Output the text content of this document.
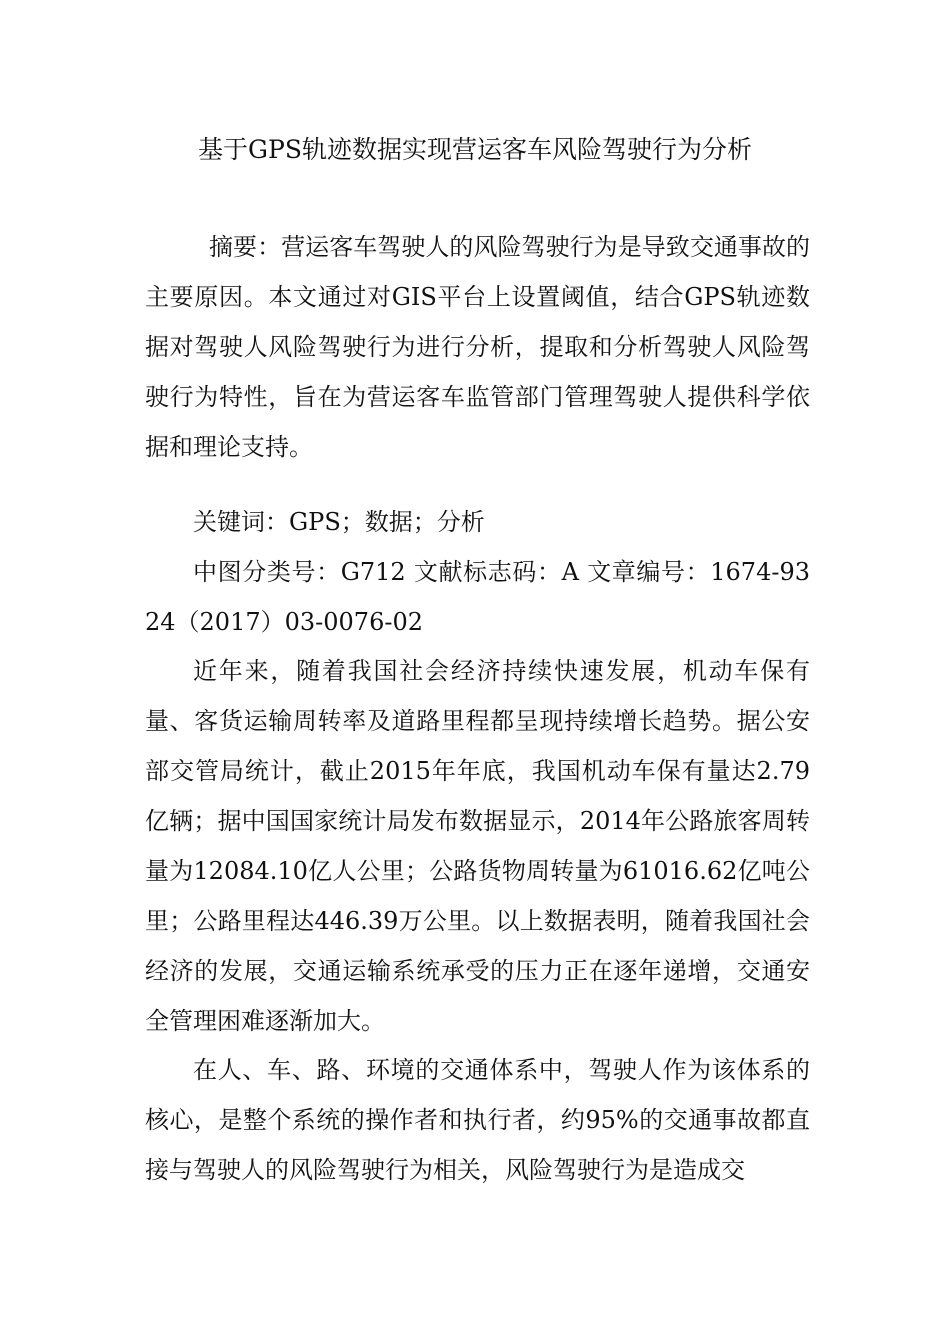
基于GPS轨迹数据实现营运客车风险驾驶行为分析
摘要：营运客车驾驶人的风险驾驶行为是导致交通事故的主要原因。本文通过对GIS平台上设置阈值，结合GPS轨迹数据对驾驶人风险驾驶行为进行分析，提取和分析驾驶人风险驾驶行为特性，旨在为营运客车监管部门管理驾驶人提供科学依据和理论支持。
关键词：GPS；数据；分析
中图分类号：G712 文献标志码：A 文章编号：1674-9324（2017）03-0076-02
近年来，随着我国社会经济持续快速发展，机动车保有量、客货运输周转率及道路里程都呈现持续增长趋势。据公安部交管局统计，截止2015年年底，我国机动车保有量达2.79亿辆；据中国国家统计局发布数据显示，2014年公路旅客周转量为12084.10亿人公里；公路货物周转量为61016.62亿吨公里；公路里程达446.39万公里。以上数据表明，随着我国社会经济的发展，交通运输系统承受的压力正在逐年递增，交通安全管理困难逐渐加大。
在人、车、路、环境的交通体系中，驾驶人作为该体系的核心，是整个系统的操作者和执行者，约95%的交通事故都直接与驾驶人的风险驾驶行为相关，风险驾驶行为是造成交
